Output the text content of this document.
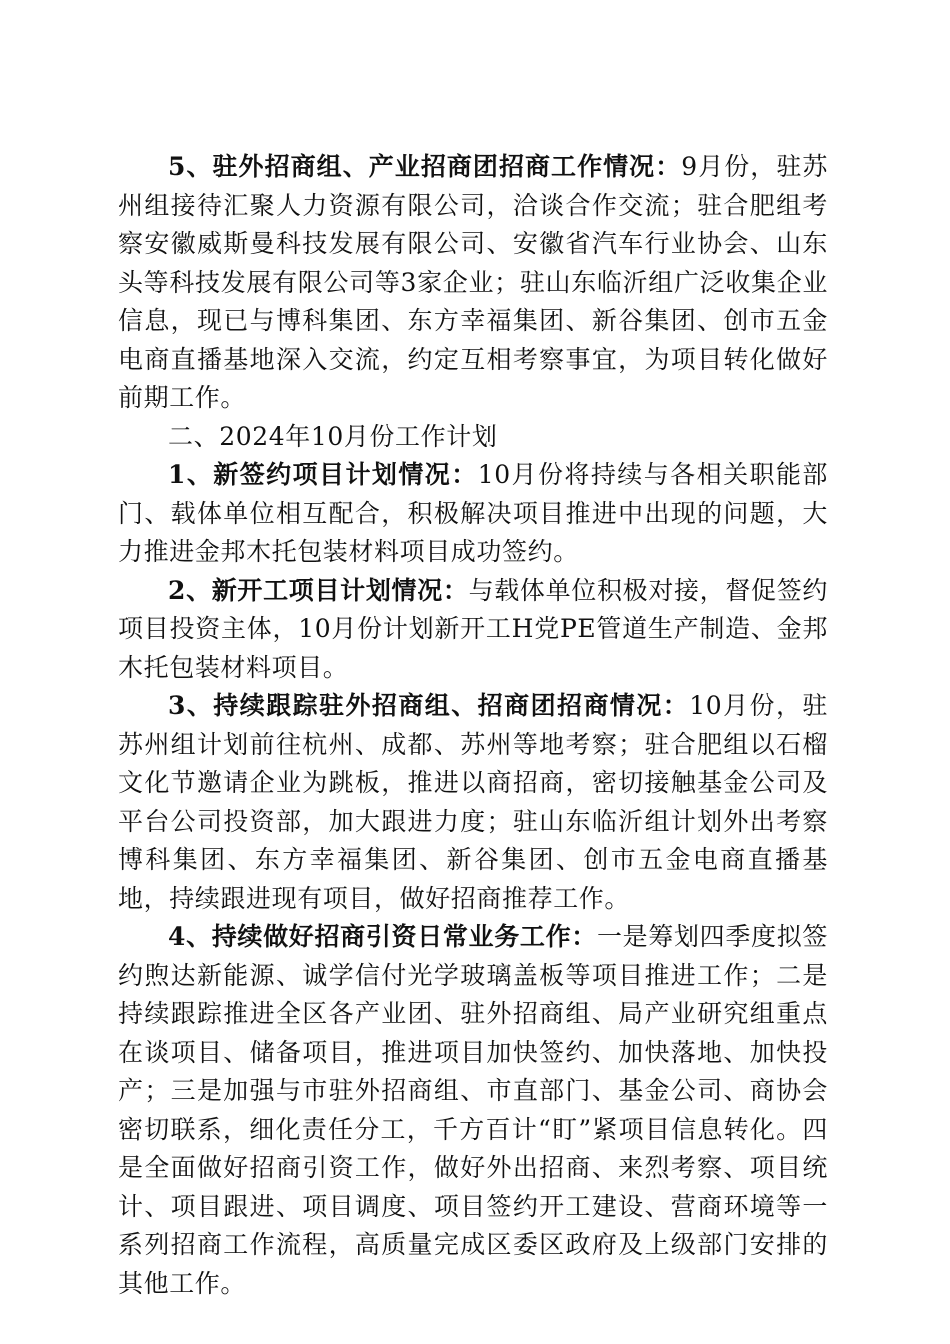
5、驻外招商组、产业招商团招商工作情况：9月份，驻苏州组接待汇聚人力资源有限公司，洽谈合作交流；驻合肥组考察安徽威斯曼科技发展有限公司、安徽省汽车行业协会、山东头等科技发展有限公司等3家企业；驻山东临沂组广泛收集企业信息，现已与博科集团、东方幸福集团、新谷集团、创市五金电商直播基地深入交流，约定互相考察事宜，为项目转化做好前期工作。

二、2024年10月份工作计划

1、新签约项目计划情况：10月份将持续与各相关职能部门、载体单位相互配合，积极解决项目推进中出现的问题，大力推进金邦木托包装材料项目成功签约。

2、新开工项目计划情况：与载体单位积极对接，督促签约项目投资主体，10月份计划新开工H党PE管道生产制造、金邦木托包装材料项目。

3、持续跟踪驻外招商组、招商团招商情况：10月份，驻苏州组计划前往杭州、成都、苏州等地考察；驻合肥组以石榴文化节邀请企业为跳板，推进以商招商，密切接触基金公司及平台公司投资部，加大跟进力度；驻山东临沂组计划外出考察博科集团、东方幸福集团、新谷集团、创市五金电商直播基地，持续跟进现有项目，做好招商推荐工作。

4、持续做好招商引资日常业务工作：一是筹划四季度拟签约煦达新能源、诚学信付光学玻璃盖板等项目推进工作；二是持续跟踪推进全区各产业团、驻外招商组、局产业研究组重点在谈项目、储备项目，推进项目加快签约、加快落地、加快投产；三是加强与市驻外招商组、市直部门、基金公司、商协会密切联系，细化责任分工，千方百计“盯”紧项目信息转化。四是全面做好招商引资工作，做好外出招商、来烈考察、项目统计、项目跟进、项目调度、项目签约开工建设、营商环境等一系列招商工作流程，高质量完成区委区政府及上级部门安排的其他工作。
